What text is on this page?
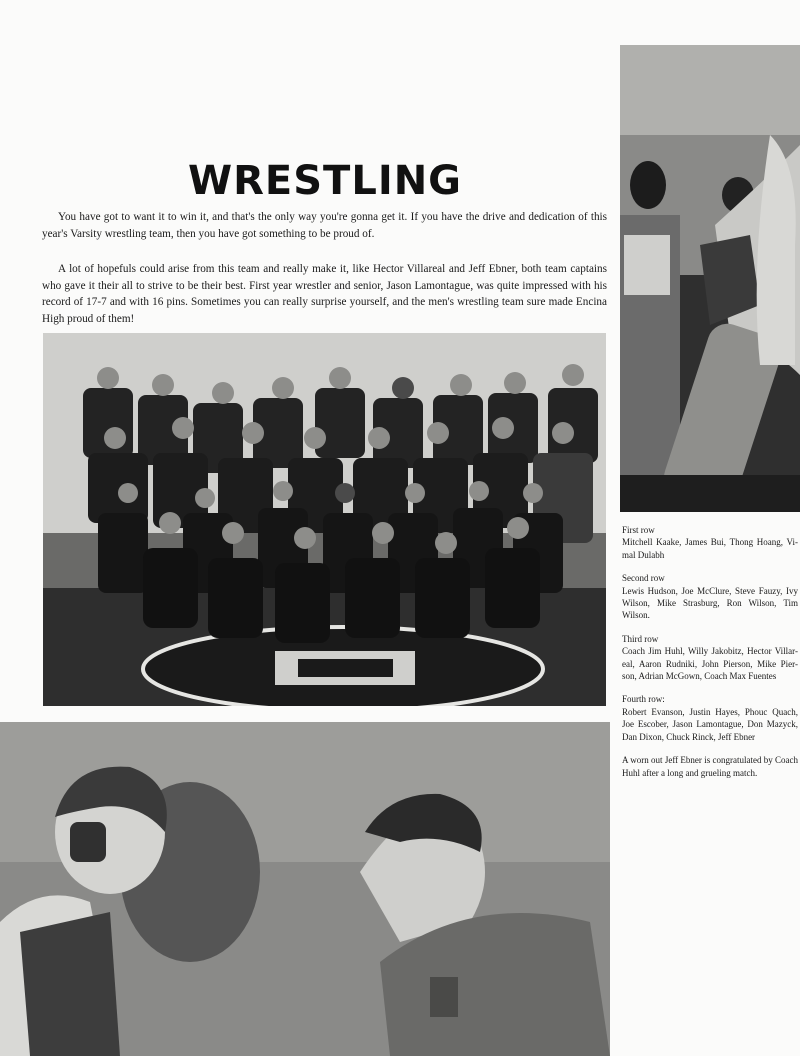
WRESTLING

You have got to want it to win it, and that's the only way you're gonna get it. If you have the drive and dedication of this year's Varsity wrestling team, then you have got something to be proud of.

A lot of hopefuls could arise from this team and really make it, like Hector Villareal and Jeff Ebner, both team captains who gave it their all to strive to be their best. First year wrestler and senior, Jason Lamontague, was quite impressed with his record of 17-7 and with 16 pins. Sometimes you can really surprise yourself, and the men's wrestling team sure made Encina High proud of them!

First row
Mitchell Kaake, James Bui, Thong Hoang, Vi-mal Dulabh
Second row
Lewis Hudson, Joe McClure, Steve Fauzy, Ivy Wilson, Mike Strasburg, Ron Wilson, Tim Wilson.
Third row
Coach Jim Huhl, Willy Jakobitz, Hector Villar-eal, Aaron Rudniki, John Pierson, Mike Pier-son, Adrian McGown, Coach Max Fuentes
Fourth row:
Robert Evanson, Justin Hayes, Phouc Quach, Joe Escober, Jason Lamontague, Don Mazyck, Dan Dixon, Chuck Rinck, Jeff Ebner
A worn out Jeff Ebner is congratulated by Coach Huhl after a long and grueling match.
